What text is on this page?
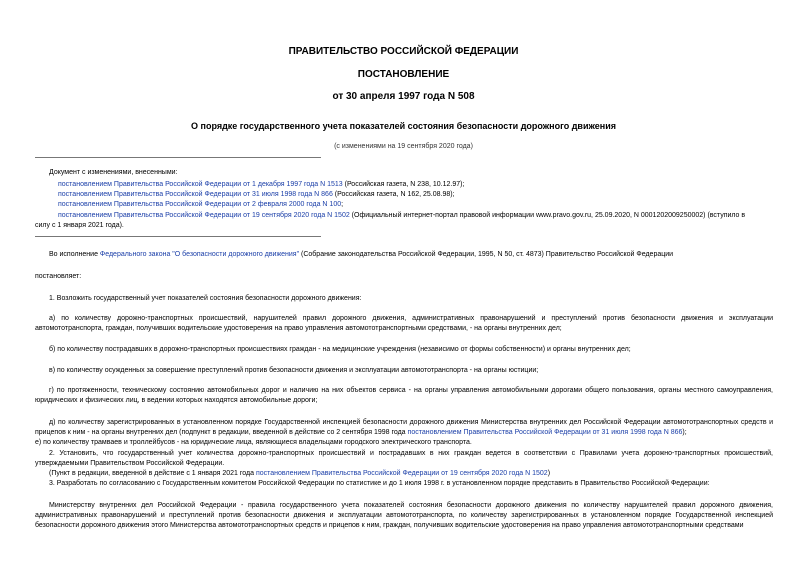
ПРАВИТЕЛЬСТВО РОССИЙСКОЙ ФЕДЕРАЦИИ
ПОСТАНОВЛЕНИЕ
от 30 апреля 1997 года N 508
О порядке государственного учета показателей состояния безопасности дорожного движения
(с изменениями на 19 сентября 2020 года)
Документ с изменениями, внесенными:
постановлением Правительства Российской Федерации от 1 декабря 1997 года N 1513 (Российская газета, N 238, 10.12.97);
постановлением Правительства Российской Федерации от 31 июля 1998 года N 866 (Российская газета, N 162, 25.08.98);
постановлением Правительства Российской Федерации от 2 февраля 2000 года N 100;
постановлением Правительства Российской Федерации от 19 сентября 2020 года N 1502 (Официальный интернет-портал правовой информации www.pravo.gov.ru, 25.09.2020, N 0001202009250002) (вступило в
силу с 1 января 2021 года).
Во исполнение Федерального закона "О безопасности дорожного движения" (Собрание законодательства Российской Федерации, 1995, N 50, ст. 4873) Правительство Российской Федерации
постановляет:
1. Возложить государственный учет показателей состояния безопасности дорожного движения:
а) по количеству дорожно-транспортных происшествий, нарушителей правил дорожного движения, административных правонарушений и преступлений против безопасности движения и эксплуатации автомототранспорта, граждан, получивших водительские удостоверения на право управления автомототранспортными средствами, - на органы внутренних дел;
б) по количеству пострадавших в дорожно-транспортных происшествиях граждан - на медицинские учреждения (независимо от формы собственности) и органы внутренних дел;
в) по количеству осужденных за совершение преступлений против безопасности движения и эксплуатации автомототранспорта - на органы юстиции;
г) по протяженности, техническому состоянию автомобильных дорог и наличию на них объектов сервиса - на органы управления автомобильными дорогами общего пользования, органы местного самоуправления, юридических и физических лиц, в ведении которых находятся автомобильные дороги;
д) по количеству зарегистрированных в установленном порядке Государственной инспекцией безопасности дорожного движения Министерства внутренних дел Российской Федерации автомототранспортных средств и прицепов к ним - на органы внутренних дел (подпункт в редакции, введенной в действие со 2 сентября 1998 года постановлением Правительства Российской Федерации от 31 июля 1998 года N 866);
е) по количеству трамваев и троллейбусов - на юридические лица, являющиеся владельцами городского электрического транспорта.
2. Установить, что государственный учет количества дорожно-транспортных происшествий и пострадавших в них граждан ведется в соответствии с Правилами учета дорожно-транспортных происшествий, утверждаемыми Правительством Российской Федерации.
(Пункт в редакции, введенной в действие с 1 января 2021 года постановлением Правительства Российской Федерации от 19 сентября 2020 года N 1502)
3. Разработать по согласованию с Государственным комитетом Российской Федерации по статистике и до 1 июля 1998 г. в установленном порядке представить в Правительство Российской Федерации:
Министерству внутренних дел Российской Федерации - правила государственного учета показателей состояния безопасности дорожного движения по количеству нарушителей правил дорожного движения, административных правонарушений и преступлений против безопасности движения и эксплуатации автомототранспорта, по количеству зарегистрированных в установленном порядке Государственной инспекцией безопасности дорожного движения этого Министерства автомототранспортных средств и прицепов к ним, граждан, получивших водительские удостоверения на право управления автомототранспортными средствами
